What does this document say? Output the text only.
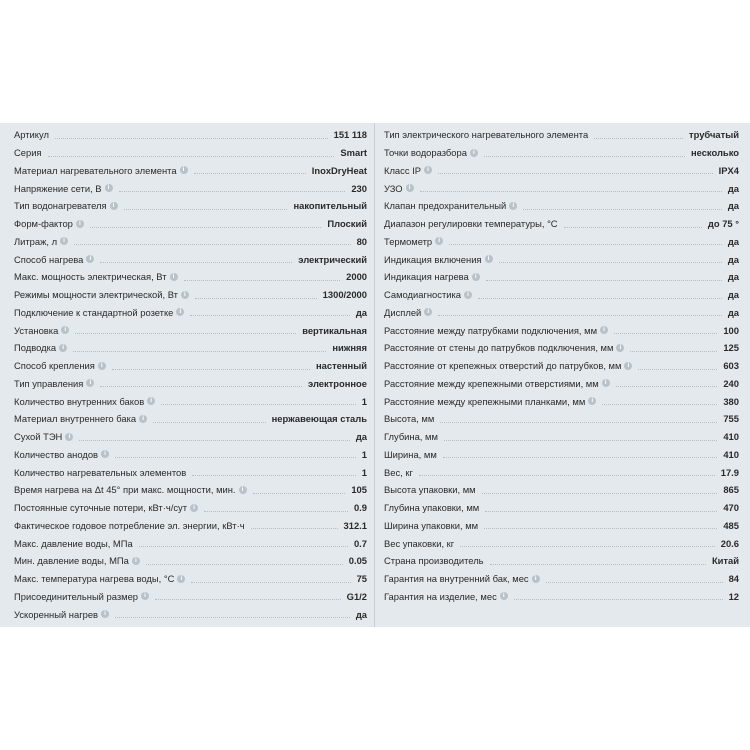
Артикул	151 118
Серия	Smart
Материал нагревательного элемента i	InoxDryHeat
Напряжение сети, В i	230
Тип водонагревателя i	накопительный
Форм-фактор i	Плоский
Литраж, л i	80
Способ нагрева i	электрический
Макс. мощность электрическая, Вт i	2000
Режимы мощности электрической, Вт i	1300/2000
Подключение к стандартной розетке i	да
Установка i	вертикальная
Подводка i	нижняя
Способ крепления i	настенный
Тип управления i	электронное
Количество внутренних баков i	1
Материал внутреннего бака i	нержавеющая сталь
Сухой ТЭН i	да
Количество анодов i	1
Количество нагревательных элементов	1
Время нагрева на Δt 45° при макс. мощности, мин. i	105
Постоянные суточные потери, кВт·ч/сут i	0.9
Фактическое годовое потребление эл. энергии, кВт·ч	312.1
Макс. давление воды, МПа	0.7
Мин. давление воды, МПа i	0.05
Макс. температура нагрева воды, °С i	75
Присоединительный размер i	G1/2
Ускоренный нагрев i	да
Тип электрического нагревательного элемента	трубчатый
Точки водоразбора i	несколько
Класс IP i	IPX4
УЗО i	да
Клапан предохранительный i	да
Диапазон регулировки температуры, °С	до 75 °
Термометр i	да
Индикация включения i	да
Индикация нагрева i	да
Самодиагностика i	да
Дисплей i	да
Расстояние между патрубками подключения, мм i	100
Расстояние от стены до патрубков подключения, мм i	125
Расстояние от крепежных отверстий до патрубков, мм i	603
Расстояние между крепежными отверстиями, мм i	240
Расстояние между крепежными планками, мм i	380
Высота, мм	755
Глубина, мм	410
Ширина, мм	410
Вес, кг	17.9
Высота упаковки, мм	865
Глубина упаковки, мм	470
Ширина упаковки, мм	485
Вес упаковки, кг	20.6
Страна производитель	Китай
Гарантия на внутренний бак, мес i	84
Гарантия на изделие, мес i	12
